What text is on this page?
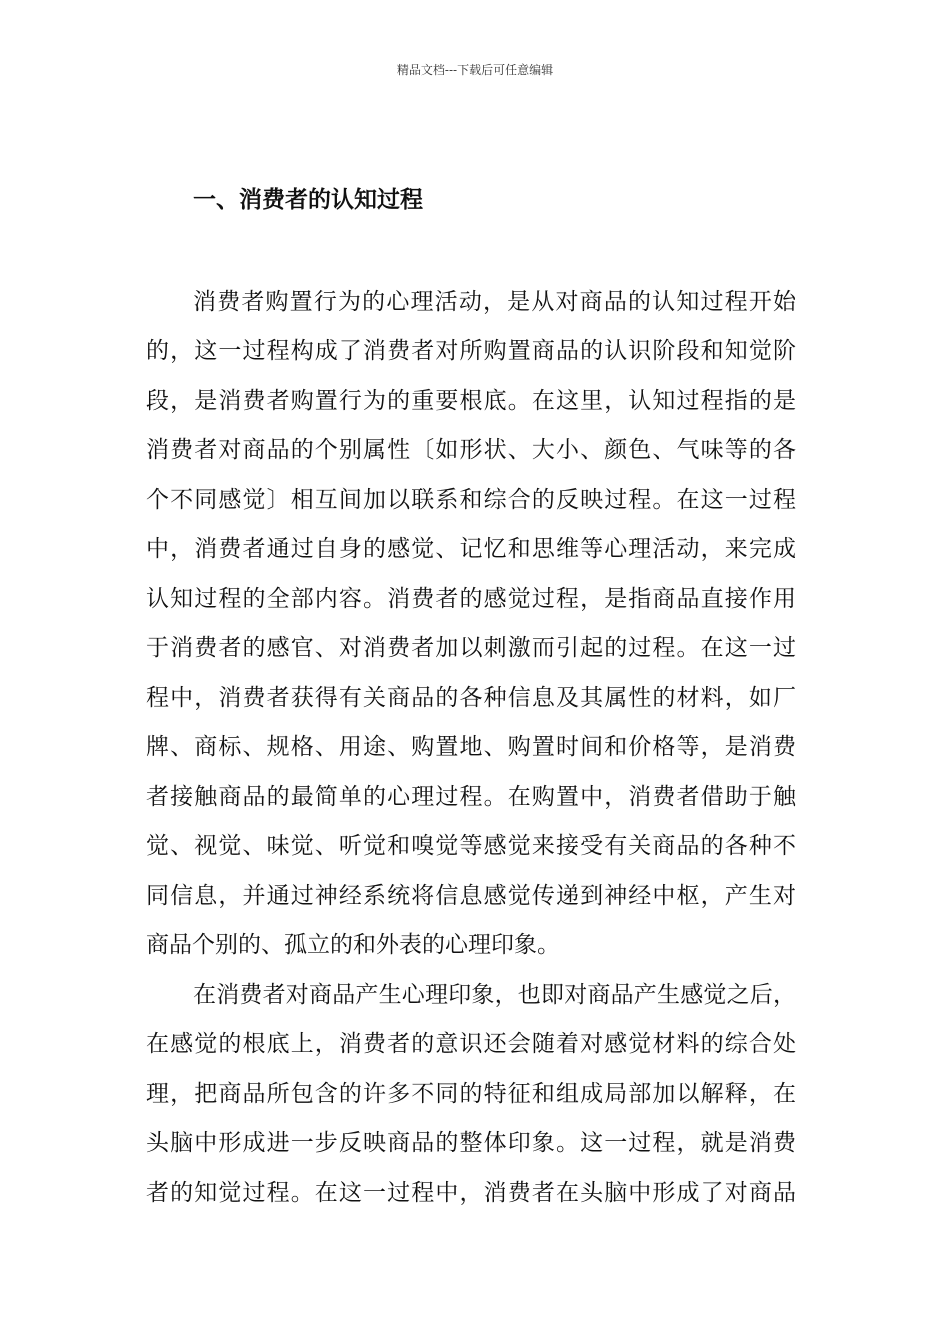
精品文档---下载后可任意编辑
一、消费者的认知过程
消费者购置行为的心理活动，是从对商品的认知过程开始
的，这一过程构成了消费者对所购置商品的认识阶段和知觉阶
段，是消费者购置行为的重要根底。在这里，认知过程指的是
消费者对商品的个别属性〔如形状、大小、颜色、气味等的各
个不同感觉〕相互间加以联系和综合的反映过程。在这一过程
中，消费者通过自身的感觉、记忆和思维等心理活动，来完成
认知过程的全部内容。消费者的感觉过程，是指商品直接作用
于消费者的感官、对消费者加以刺激而引起的过程。在这一过
程中，消费者获得有关商品的各种信息及其属性的材料，如厂
牌、商标、规格、用途、购置地、购置时间和价格等，是消费
者接触商品的最简单的心理过程。在购置中，消费者借助于触
觉、视觉、味觉、听觉和嗅觉等感觉来接受有关商品的各种不
同信息，并通过神经系统将信息感觉传递到神经中枢，产生对
商品个别的、孤立的和外表的心理印象。
在消费者对商品产生心理印象，也即对商品产生感觉之后，
在感觉的根底上，消费者的意识还会随着对感觉材料的综合处
理，把商品所包含的许多不同的特征和组成局部加以解释，在
头脑中形成进一步反映商品的整体印象。这一过程，就是消费
者的知觉过程。在这一过程中，消费者在头脑中形成了对商品
